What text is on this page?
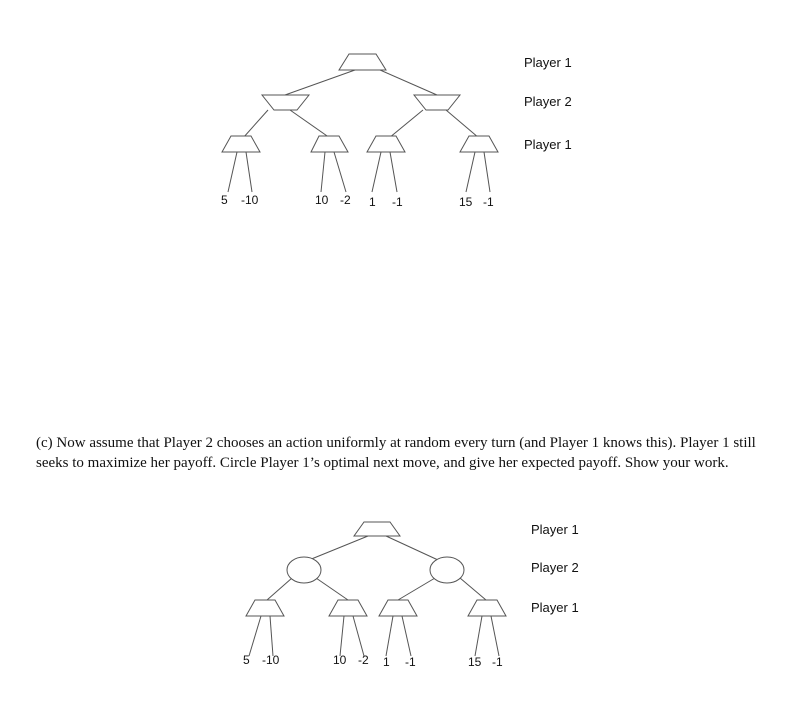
5 -10	10 -2 1 -1	15 -1
5 -10	10 -2 1 -1	15 -1
Player 1
Player 2
Player 1
(c) Now assume that Player 2 chooses an action uniformly at random every turn (and Player 1 knows this). Player 1 still seeks to maximize her payoff. Circle Player 1’s optimal next move, and give her expected payoff. Show your work.
Player 1
Player 2
Player 1
